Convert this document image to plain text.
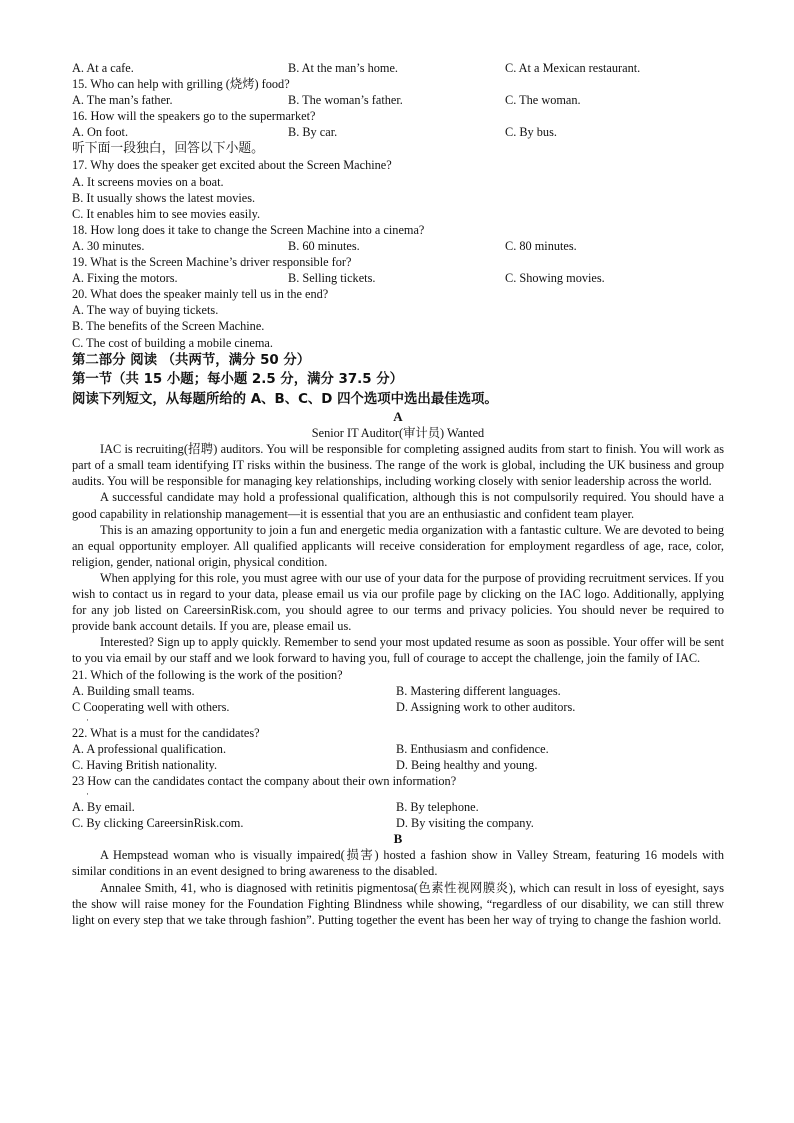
A. At a cafe.	B. At the man’s home.	C. At a Mexican restaurant.
15. Who can help with grilling (烧烤) food?
A. The man’s father.	B. The woman’s father.	C. The woman.
16. How will the speakers go to the supermarket?
A. On foot.	B. By car.	C. By bus.
听下面一段独白，回答以下小题。
17. Why does the speaker get excited about the Screen Machine?
A. It screens movies on a boat.
B. It usually shows the latest movies.
C. It enables him to see movies easily.
18. How long does it take to change the Screen Machine into a cinema?
A. 30 minutes.	B. 60 minutes.	C. 80 minutes.
19. What is the Screen Machine’s driver responsible for?
A. Fixing the motors.	B. Selling tickets.	C. Showing movies.
20. What does the speaker mainly tell us in the end?
A. The way of buying tickets.
B. The benefits of the Screen Machine.
C. The cost of building a mobile cinema.
第二部分 阅读 （共两节，满分 50 分）
第一节（共 15 小题；每小题 2.5 分，满分 37.5 分）
阅读下列短文，从每题所给的 A、B、C、D 四个选项中选出最佳选项。
A
Senior IT Auditor(审计员) Wanted

IAC is recruiting(招聘) auditors. You will be responsible for completing assigned audits from start to finish. You will work as part of a small team identifying IT risks within the business. The range of the work is global, including the UK business and group audits. You will be responsible for managing key relationships, including working closely with senior leadership across the world.

A successful candidate may hold a professional qualification, although this is not compulsorily required. You should have a good capability in relationship management—it is essential that you are an enthusiastic and confident team player.

This is an amazing opportunity to join a fun and energetic media organization with a fantastic culture. We are devoted to being an equal opportunity employer. All qualified applicants will receive consideration for employment regardless of age, race, color, religion, gender, national origin, physical condition.

When applying for this role, you must agree with our use of your data for the purpose of providing recruitment services. If you wish to contact us in regard to your data, please email us via our profile page by clicking on the IAC logo. Additionally, applying for any job listed on CareersinRisk.com, you should agree to our terms and privacy policies. You should never be required to provide bank account details. If you are, please email us.

Interested? Sign up to apply quickly. Remember to send your most updated resume as soon as possible. Your offer will be sent to you via email by our staff and we look forward to having you, full of courage to accept the challenge, join the family of IAC.

21. Which of the following is the work of the position?
A. Building small teams.	B. Mastering different languages.
C Cooperating well with others.	D. Assigning work to other auditors.
·
22. What is a must for the candidates?
A. A professional qualification.	B. Enthusiasm and confidence.
C. Having British nationality.	D. Being healthy and young.
23 How can the candidates contact the company about their own information?
·
A. By email.	B. By telephone.
C. By clicking CareersinRisk.com.	D. By visiting the company.
B

A Hempstead woman who is visually impaired(损害) hosted a fashion show in Valley Stream, featuring 16 models with similar conditions in an event designed to bring awareness to the disabled.

Annalee Smith, 41, who is diagnosed with retinitis pigmentosa(色素性视网膜炎), which can result in loss of eyesight, says the show will raise money for the Foundation Fighting Blindness while showing, “regardless of our disability, we can still threw light on every step that we take through fashion”. Putting together the event has been her way of trying to change the fashion world.
